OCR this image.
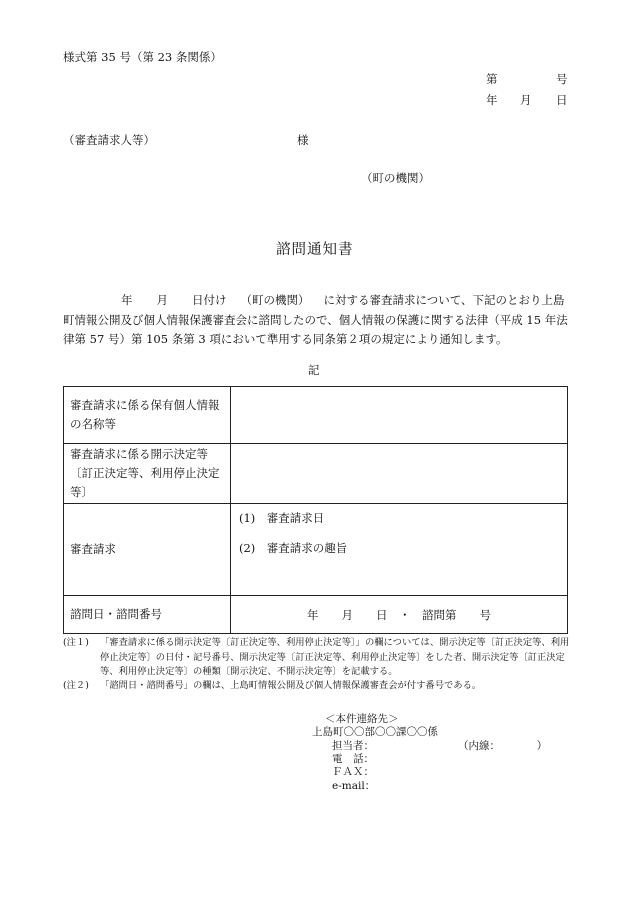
様式第 35 号（第 23 条関係）
第	号
年 月 日
（審査請求人等）	様
（町の機関）
諮問通知書
年 月 日付け （町の機関） に対する審査請求について、下記のとおり上島町情報公開及び個人情報保護審査会に諮問したので、個人情報の保護に関する法律（平成 15 年法律第 57 号）第 105 条第 3 項において準用する同条第２項の規定により通知します。
記
審査請求に係る保有個人情報の名称等	
審査請求に係る開示決定等〔訂正決定等、利用停止決定等〕	
審査請求	(1)　審査請求日
(2)　審査請求の趣旨

諮問日・諮問番号	年　　月　　日　・　諮問第　　号
(注１) 「審査請求に係る開示決定等〔訂正決定等、利用停止決定等〕」の欄については、開示決定等〔訂正決定等、利用停止決定等〕の日付・記号番号、開示決定等〔訂正決定等、利用停止決定等〕をした者、開示決定等〔訂正決定等、利用停止決定等〕の種類〔開示決定、不開示決定等〕を記載する。
(注２) 「諮問日・諮問番号」の欄は、上島町情報公開及び個人情報保護審査会が付す番号である。
＜本件連絡先＞
上島町〇〇部〇〇課〇〇係
担当者：	（内線：　　　　）
電　話：
ＦＡＸ：
e-mail：
